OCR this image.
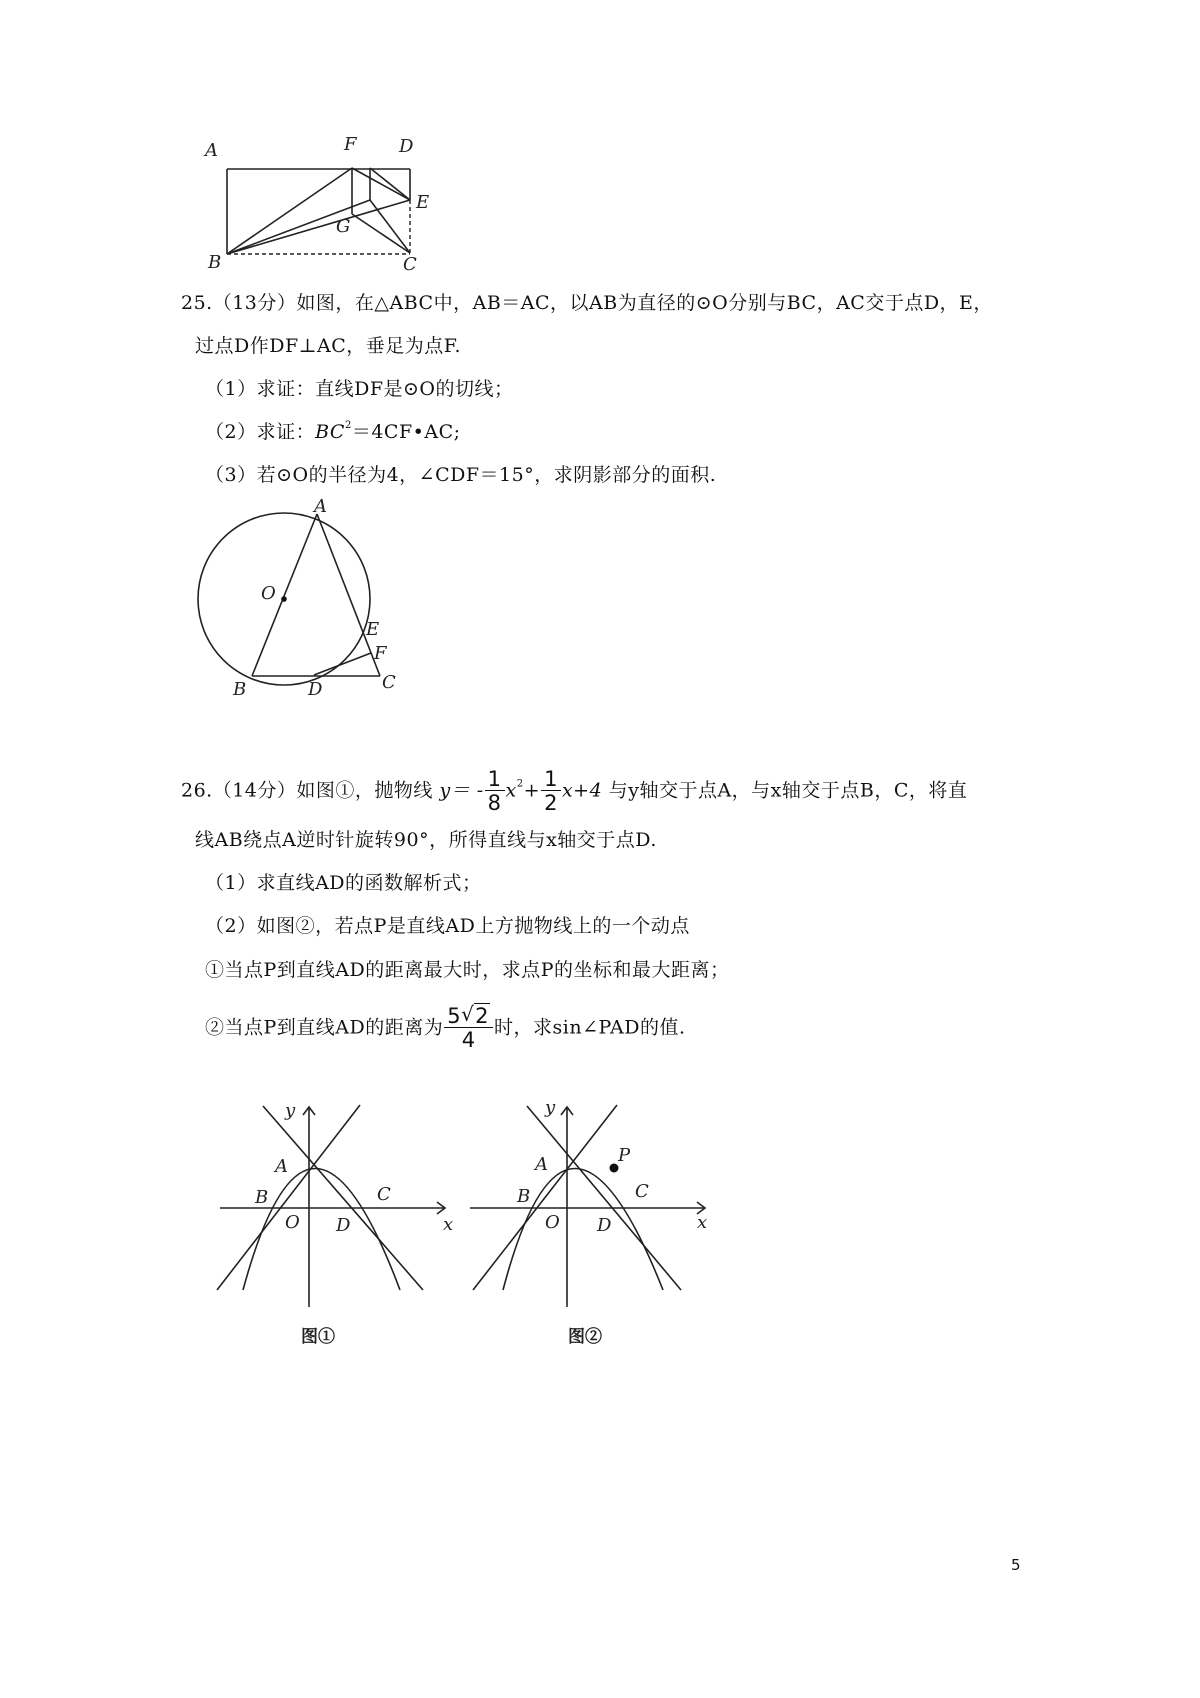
A	F D
E
G
B	C
25.（13分）如图，在△ABC中，AB＝AC，以AB为直径的⊙O分别与BC，AC交于点D，E，
过点D作DF⊥AC，垂足为点F.
（1）求证：直线DF是⊙O的切线；
（2）求证：$BC^2=4CF•AC$;
（3）若⊙O的半径为4，∠CDF＝15°，求阴影部分的面积.
A
O
E
F
B	D	C
26.（14分）如图①，抛物线 $y= - \frac{1}{8} x^2+ \frac{1}{2} x+4$ 与y轴交于点A，与x轴交于点B，C，将直
线AB绕点A逆时针旋转90°，所得直线与x轴交于点D.
（1）求直线AD的函数解析式；
（2）如图②，若点P是直线AD上方抛物线上的一个动点
①当点P到直线AD的距离最大时，求点P的坐标和最大距离；
②当点P到直线AD的距离为 $\frac{5 √ 2}{4}$ 时，求sin∠PAD的值.
y
A
B
O D
C
x
图①
y
A	P
B
O D
C
x
图②
5
